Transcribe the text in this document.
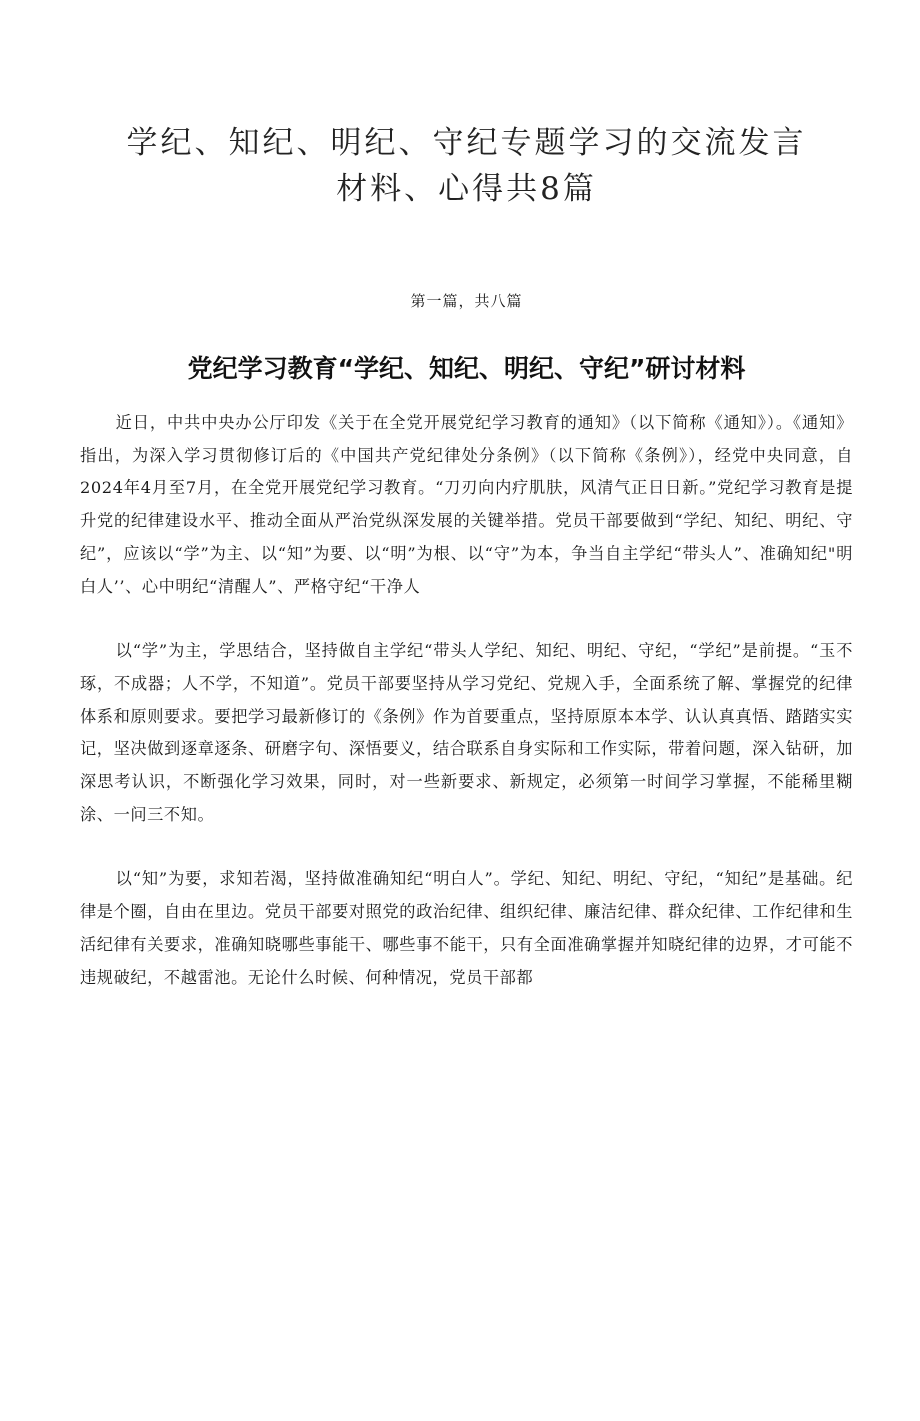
学纪、知纪、明纪、守纪专题学习的交流发言材料、心得共8篇
第一篇，共八篇
党纪学习教育“学纪、知纪、明纪、守纪”研讨材料

近日，中共中央办公厅印发《关于在全党开展党纪学习教育的通知》（以下简称《通知》）。《通知》指出，为深入学习贯彻修订后的《中国共产党纪律处分条例》（以下简称《条例》），经党中央同意，自2024年4月至7月，在全党开展党纪学习教育。“刀刃向内疗肌肤，风清气正日日新。”党纪学习教育是提升党的纪律建设水平、推动全面从严治党纵深发展的关键举措。党员干部要做到“学纪、知纪、明纪、守纪”，应该以“学”为主、以“知”为要、以“明”为根、以“守”为本，争当自主学纪“带头人”、准确知纪"明白人’’、心中明纪“清醒人”、严格守纪“干净人

以“学”为主，学思结合，坚持做自主学纪“带头人学纪、知纪、明纪、守纪，“学纪”是前提。“玉不琢，不成器；人不学，不知道”。党员干部要坚持从学习党纪、党规入手，全面系统了解、掌握党的纪律体系和原则要求。要把学习最新修订的《条例》作为首要重点，坚持原原本本学、认认真真悟、踏踏实实记，坚决做到逐章逐条、研磨字句、深悟要义，结合联系自身实际和工作实际，带着问题，深入钻研，加深思考认识，不断强化学习效果，同时，对一些新要求、新规定，必须第一时间学习掌握，不能稀里糊涂、一问三不知。

以“知”为要，求知若渴，坚持做准确知纪“明白人”。学纪、知纪、明纪、守纪，“知纪”是基础。纪律是个圈，自由在里边。党员干部要对照党的政治纪律、组织纪律、廉洁纪律、群众纪律、工作纪律和生活纪律有关要求，准确知晓哪些事能干、哪些事不能干，只有全面准确掌握并知晓纪律的边界，才可能不违规破纪，不越雷池。无论什么时候、何种情况，党员干部都
